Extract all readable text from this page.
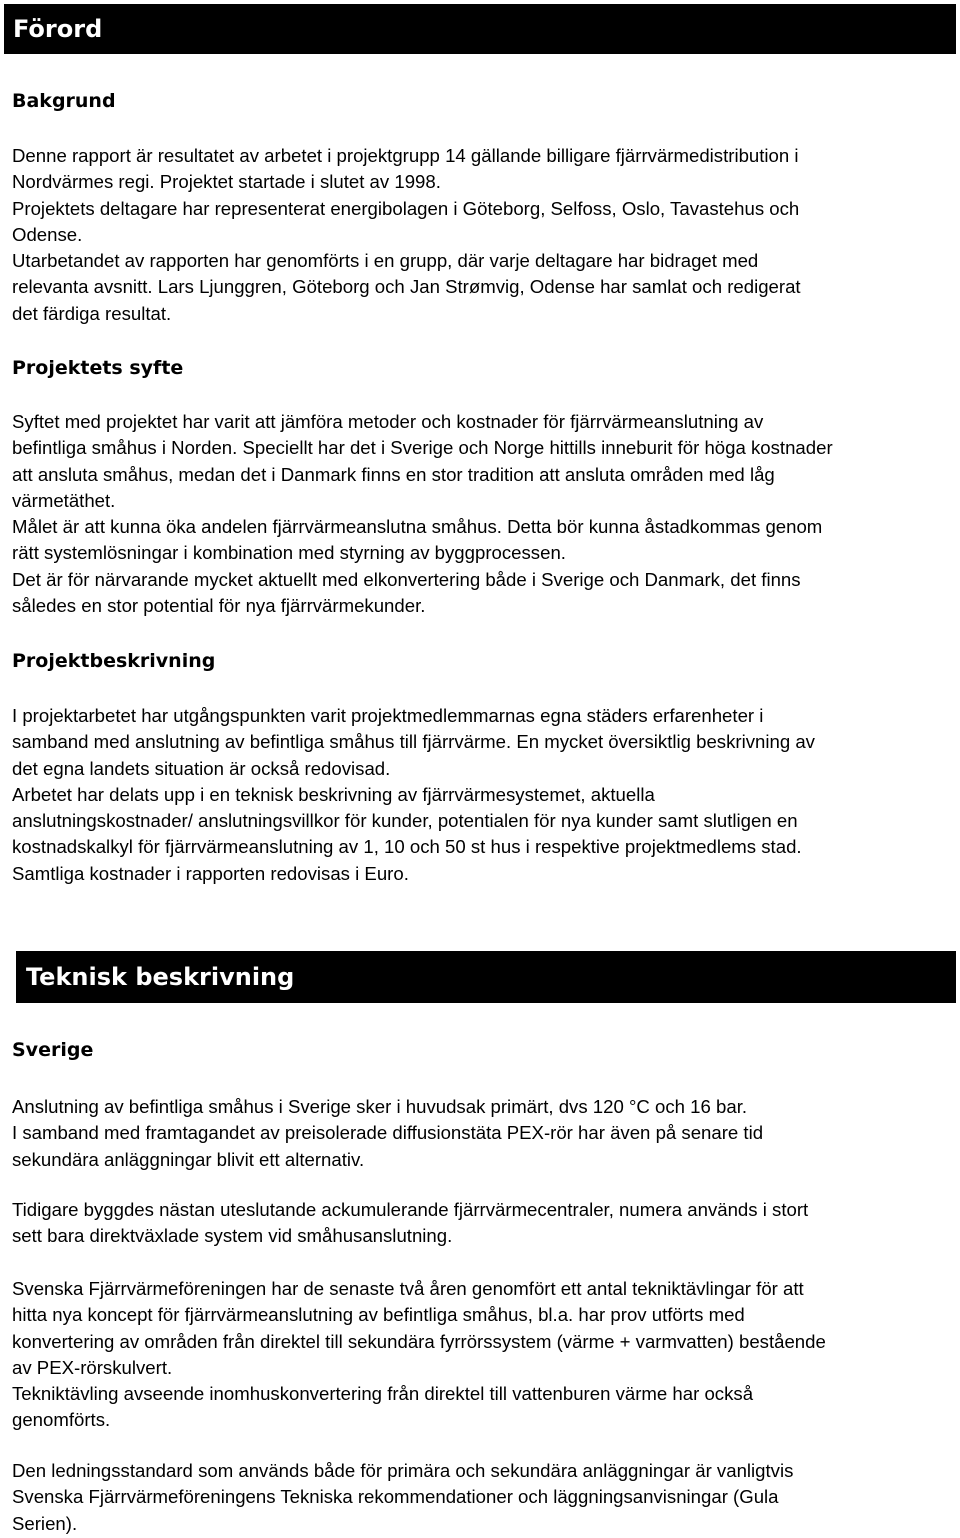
Förord
Bakgrund

Denne rapport är resultatet av arbetet i projektgrupp 14 gällande billigare fjärrvärmedistribution i
Nordvärmes regi. Projektet startade i slutet av 1998.
Projektets deltagare har representerat energibolagen i Göteborg, Selfoss, Oslo, Tavastehus och
Odense.
Utarbetandet av rapporten har genomförts i en grupp, där varje deltagare har bidraget med
relevanta avsnitt. Lars Ljunggren, Göteborg och Jan Strømvig, Odense har samlat och redigerat
det färdiga resultat.

Projektets syfte

Syftet med projektet har varit att jämföra metoder och kostnader för fjärrvärmeanslutning av
befintliga småhus i Norden. Speciellt har det i Sverige och Norge hittills inneburit för höga kostnader
att ansluta småhus, medan det i Danmark finns en stor tradition att ansluta områden med låg
värmetäthet.
Målet är att kunna öka andelen fjärrvärmeanslutna småhus. Detta bör kunna åstadkommas genom
rätt systemlösningar i kombination med styrning av byggprocessen.
Det är för närvarande mycket aktuellt med elkonvertering både i Sverige och Danmark, det finns
således en stor potential för nya fjärrvärmekunder.

Projektbeskrivning

I projektarbetet har utgångspunkten varit projektmedlemmarnas egna städers erfarenheter i
samband med anslutning av befintliga småhus till fjärrvärme. En mycket översiktlig beskrivning av
det egna landets situation är också redovisad.
Arbetet har delats upp i en teknisk beskrivning av fjärrvärmesystemet, aktuella
anslutningskostnader/ anslutningsvillkor för kunder, potentialen för nya kunder samt slutligen en
kostnadskalkyl för fjärrvärmeanslutning av 1, 10 och 50 st hus i respektive projektmedlems stad.
Samtliga kostnader i rapporten redovisas i Euro.

Teknisk beskrivning
Sverige

Anslutning av befintliga småhus i Sverige sker i huvudsak primärt, dvs 120 °C och 16 bar.
I samband med framtagandet av preisolerade diffusionstäta PEX-rör har även på senare tid
sekundära anläggningar blivit ett alternativ.

Tidigare byggdes nästan uteslutande ackumulerande fjärrvärmecentraler, numera används i stort
sett bara direktväxlade system vid småhusanslutning.

Svenska Fjärrvärmeföreningen har de senaste två åren genomfört ett antal tekniktävlingar för att
hitta nya koncept för fjärrvärmeanslutning av befintliga småhus, bl.a. har prov utförts med
konvertering av områden från direktel till sekundära fyrrörssystem (värme + varmvatten) bestående
av PEX-rörskulvert.
Tekniktävling avseende inomhuskonvertering från direktel till vattenburen värme har också
genomförts.

Den ledningsstandard som används både för primära och sekundära anläggningar är vanligtvis
Svenska Fjärrvärmeföreningens Tekniska rekommendationer och läggningsanvisningar (Gula
Serien).
